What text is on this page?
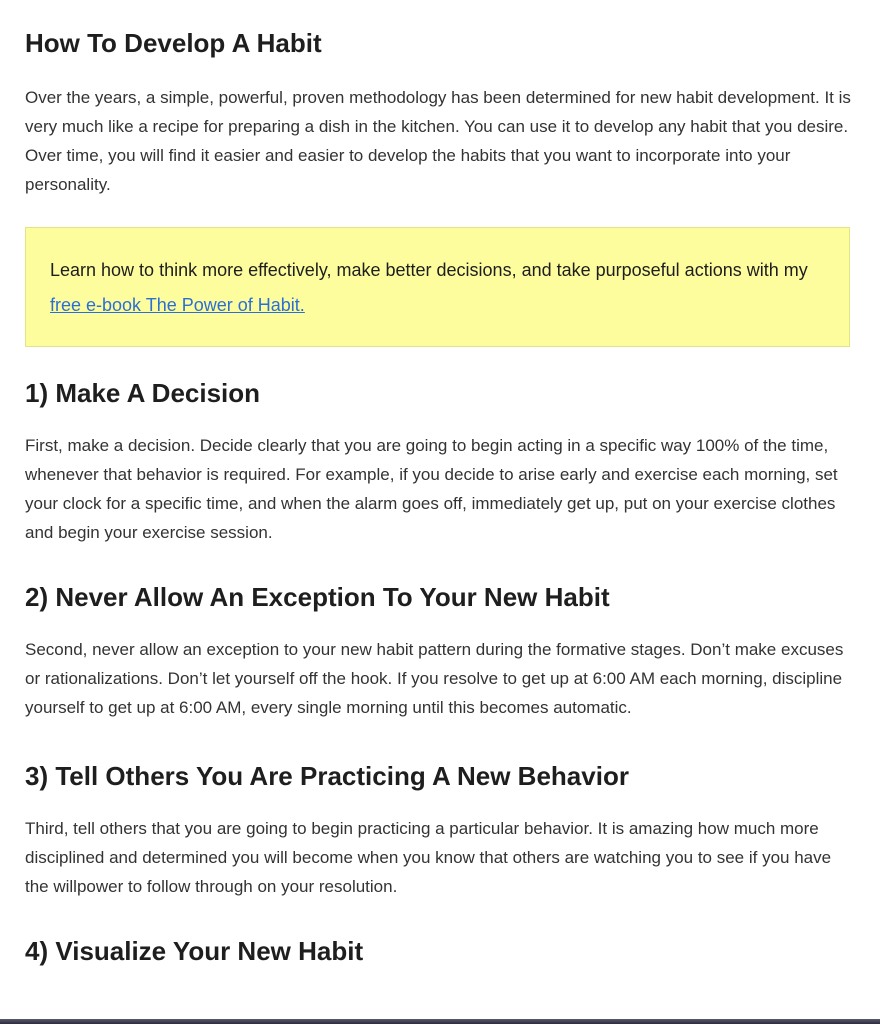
How To Develop A Habit

Over the years, a simple, powerful, proven methodology has been determined for new habit development. It is very much like a recipe for preparing a dish in the kitchen. You can use it to develop any habit that you desire. Over time, you will find it easier and easier to develop the habits that you want to incorporate into your personality.

Learn how to think more effectively, make better decisions, and take purposeful actions with my free e-book The Power of Habit.
1) Make A Decision

First, make a decision. Decide clearly that you are going to begin acting in a specific way 100% of the time, whenever that behavior is required. For example, if you decide to arise early and exercise each morning, set your clock for a specific time, and when the alarm goes off, immediately get up, put on your exercise clothes and begin your exercise session.

2) Never Allow An Exception To Your New Habit

Second, never allow an exception to your new habit pattern during the formative stages. Don’t make excuses or rationalizations. Don’t let yourself off the hook. If you resolve to get up at 6:00 AM each morning, discipline yourself to get up at 6:00 AM, every single morning until this becomes automatic.

3) Tell Others You Are Practicing A New Behavior

Third, tell others that you are going to begin practicing a particular behavior. It is amazing how much more disciplined and determined you will become when you know that others are watching you to see if you have the willpower to follow through on your resolution.

4) Visualize Your New Habit
